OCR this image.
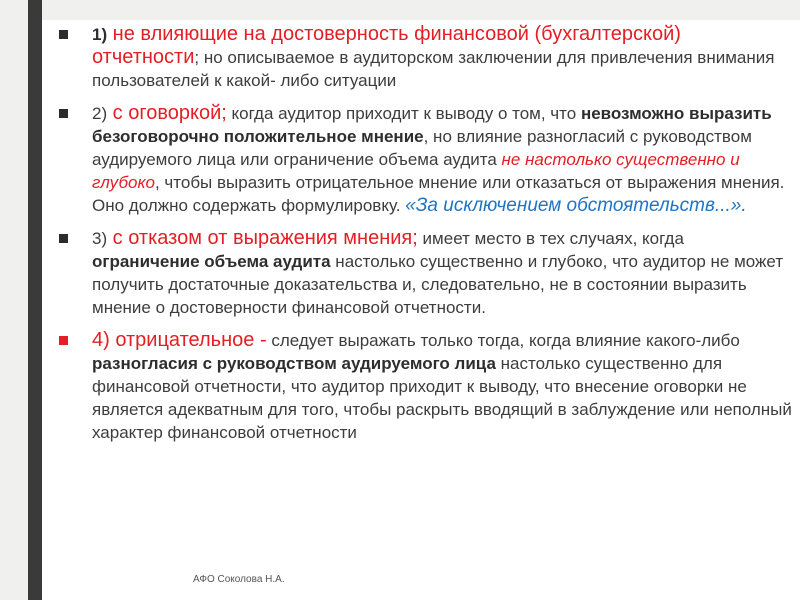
1) не влияющие на достоверность финансовой (бухгалтерской) отчетности; но описываемое в аудиторском заключении для привлечения внимания пользователей к какой- либо ситуации
2) с оговоркой; когда аудитор приходит к выводу о том, что невозможно выразить безоговорочно положительное мнение, но влияние разногласий с руководством аудируемого лица или ограничение объема аудита не настолько существенно и глубоко, чтобы выразить отрицательное мнение или отказаться от выражения мнения. Оно должно содержать формулировку. «За исключением обстоятельств...».
3) с отказом от выражения мнения; имеет место в тех случаях, когда ограничение объема аудита настолько существенно и глубоко, что аудитор не может получить достаточные доказательства и, следовательно, не в состоянии выразить мнение о достоверности финансовой отчетности.
4) отрицательное - следует выражать только тогда, когда влияние какого-либо разногласия с руководством аудируемого лица настолько существенно для финансовой отчетности, что аудитор приходит к выводу, что внесение оговорки не является адекватным для того, чтобы раскрыть вводящий в заблуждение или неполный характер финансовой отчетности
АФО Соколова Н.А.
